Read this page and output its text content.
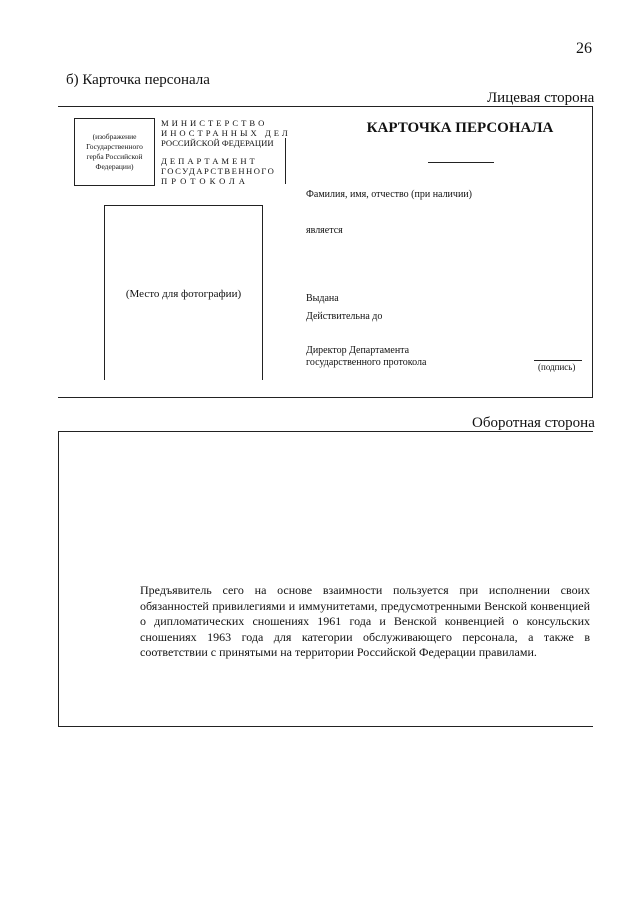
26
б) Карточка персонала
Лицевая сторона
(изображение Государственного герба Российской Федерации)
МИНИСТЕРСТВО
ИНОСТРАННЫХ ДЕЛ
РОССИЙСКОЙ ФЕДЕРАЦИИ
ДЕПАРТАМЕНТ
ГОСУДАРСТВЕННОГО
ПРОТОКОЛА
КАРТОЧКА ПЕРСОНАЛА
(Место для фотографии)
Фамилия, имя, отчество (при наличии)
является
Выдана
Действительна до
Директор Департамента
государственного протокола	(подпись)
Оборотная сторона
Предъявитель сего на основе взаимности пользуется при исполнении своих обязанностей привилегиями и иммунитетами, предусмотренными Венской конвенцией о дипломатических сношениях 1961 года и Венской конвенцией о консульских сношениях 1963 года для категории обслуживающего персонала, а также в соответствии с принятыми на территории Российской Федерации правилами.
